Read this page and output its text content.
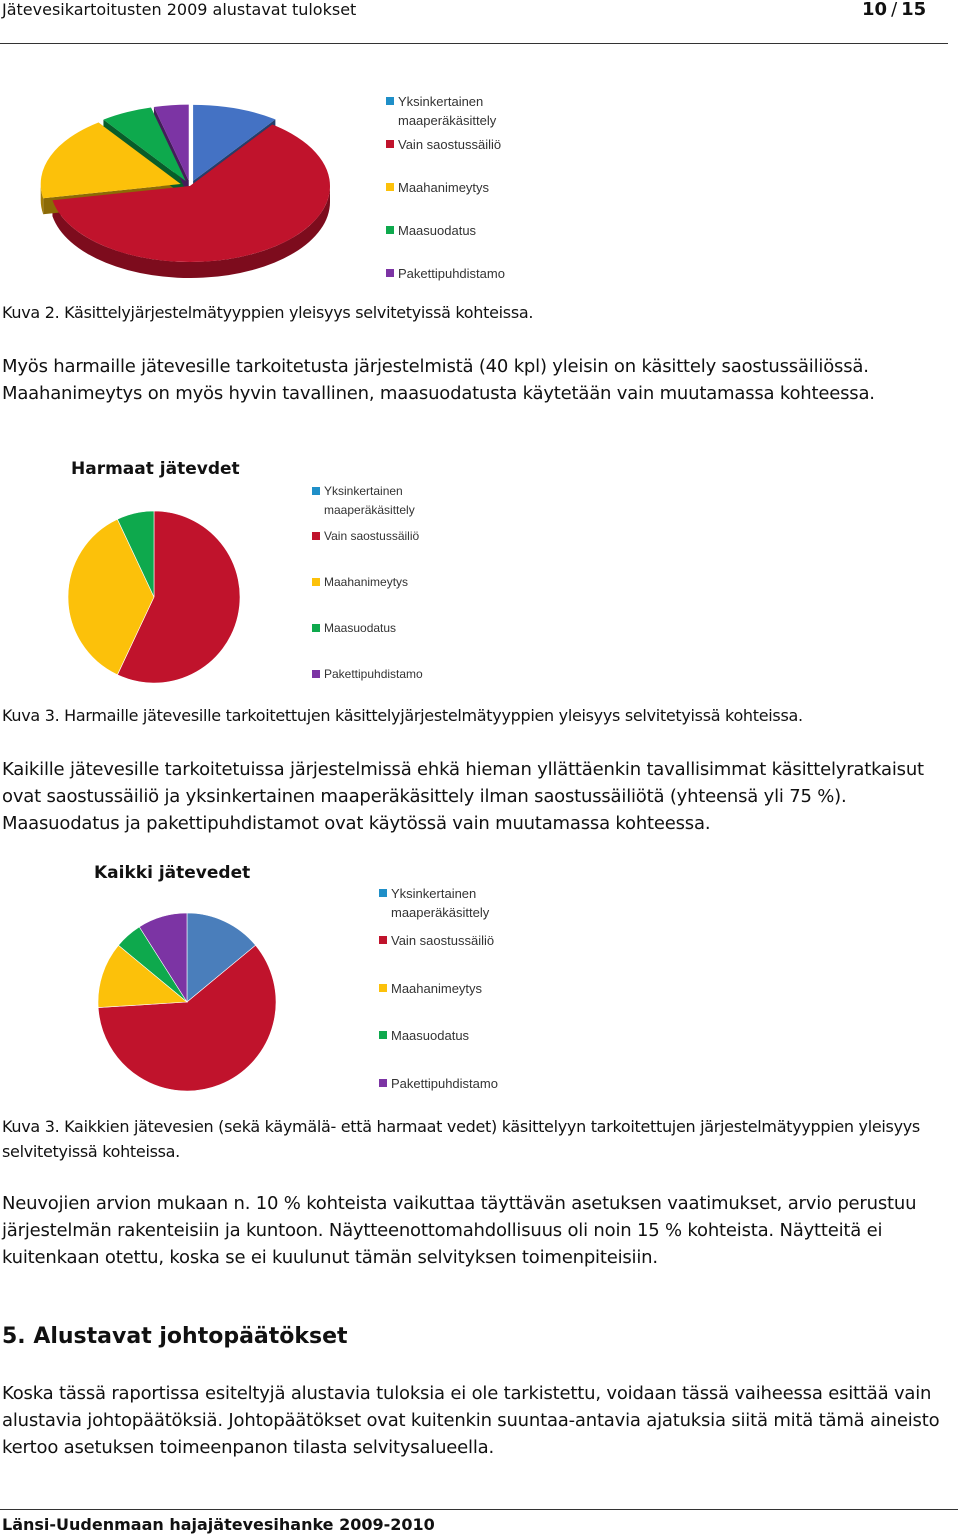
Jätevesikartoitusten 2009 alustavat tulokset	10 / 15
Yksinkertainen
maaperäkäsittely
Vain saostussäiliö
Maahanimeytys
Maasuodatus
Pakettipuhdistamo
Kuva 2. Käsittelyjärjestelmätyyppien yleisyys selvitetyissä kohteissa.
Myös harmaille jätevesille tarkoitetusta järjestelmistä (40 kpl) yleisin on käsittely saostussäiliössä. Maahanimeytys on myös hyvin tavallinen, maasuodatusta käytetään vain muutamassa kohteessa.
Harmaat jätevdet
Yksinkertainen
maaperäkäsittely
Vain saostussäiliö
Maahanimeytys
Maasuodatus
Pakettipuhdistamo
Kuva 3. Harmaille jätevesille tarkoitettujen käsittelyjärjestelmätyyppien yleisyys selvitetyissä kohteissa.
Kaikille jätevesille tarkoitetuissa järjestelmissä ehkä hieman yllättäenkin tavallisimmat käsittelyratkaisut ovat saostussäiliö ja yksinkertainen maaperäkäsittely ilman saostussäiliötä (yhteensä yli 75 %). Maasuodatus ja pakettipuhdistamot ovat käytössä vain muutamassa kohteessa.
Kaikki jätevedet
Yksinkertainen
maaperäkäsittely
Vain saostussäiliö
Maahanimeytys
Maasuodatus
Pakettipuhdistamo
Kuva 3. Kaikkien jätevesien (sekä käymälä- että harmaat vedet) käsittelyyn tarkoitettujen järjestelmätyyppien yleisyys
selvitetyissä kohteissa.
Neuvojien arvion mukaan n. 10 % kohteista vaikuttaa täyttävän asetuksen vaatimukset, arvio perustuu järjestelmän rakenteisiin ja kuntoon. Näytteenottomahdollisuus oli noin 15 % kohteista. Näytteitä ei kuitenkaan otettu, koska se ei kuulunut tämän selvityksen toimenpiteisiin.
5. Alustavat johtopäätökset
Koska tässä raportissa esiteltyjä alustavia tuloksia ei ole tarkistettu, voidaan tässä vaiheessa esittää vain alustavia johtopäätöksiä. Johtopäätökset ovat kuitenkin suuntaa-antavia ajatuksia siitä mitä tämä aineisto kertoo asetuksen toimeenpanon tilasta selvitysalueella.
Länsi-Uudenmaan hajajätevesihanke 2009-2010
